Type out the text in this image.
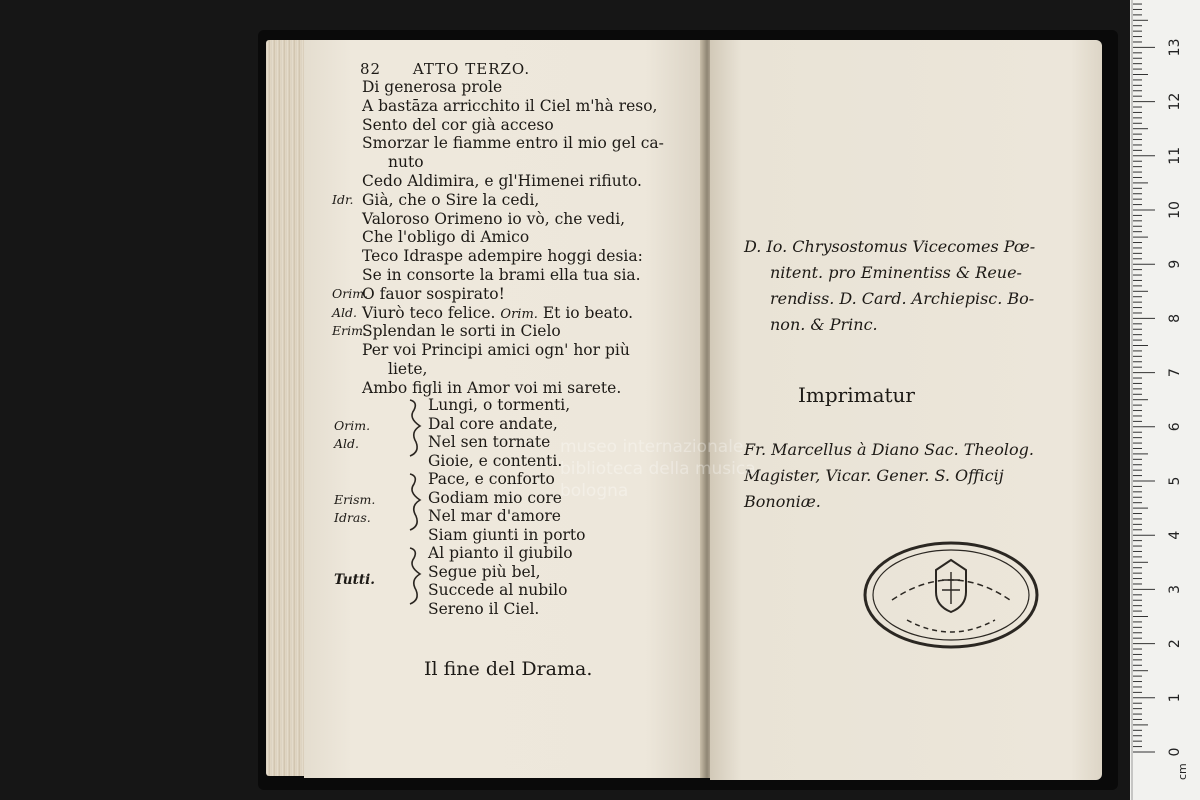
82 ATTO TERZO.
Di generosa prole
A bastāza arricchito il Ciel m'hà reso,
Sento del cor già acceso
Smorzar le fiamme entro il mio gel ca-
nuto
Cedo Aldimira, e gl'Himenei rifiuto.
Idr. Già, che o Sire la cedi,
Valoroso Orimeno io vò, che vedi,
Che l'obligo di Amico
Teco Idraspe adempire hoggi desia:
Se in consorte la brami ella tua sia.
Orim.
O fauor sospirato!
Ald. Viurò teco felice. Orim. Et io beato.
Erim.
Splendan le sorti in Cielo
Per voi Principi amici ogn' hor più
liete,
Ambo figli in Amor voi mi sarete.
Lungi, o tormenti,
Dal core andate,
Nel sen tornate
Gioie, e contenti.
Pace, e conforto
Godiam mio core
Nel mar d'amore
Siam giunti in porto
Al pianto il giubilo
Segue più bel,
Succede al nubilo
Sereno il Ciel.
Orim.
Ald.
Erism.
Idras.
Tutti.
Il fine del Drama.
D. Io. Chrysostomus Vicecomes Pœ-
nitent. pro Eminentiss & Reue-
rendiss. D. Card. Archiepisc. Bo-
non. & Princ.
Imprimatur
Fr. Marcellus à Diano Sac. Theolog.
Magister, Vicar. Gener. S. Officij
Bononiæ.
museo internazionale
biblioteca della musica
bologna
0
1
2
3
4
5
6
7
8
9
10
11
12
13
cm
